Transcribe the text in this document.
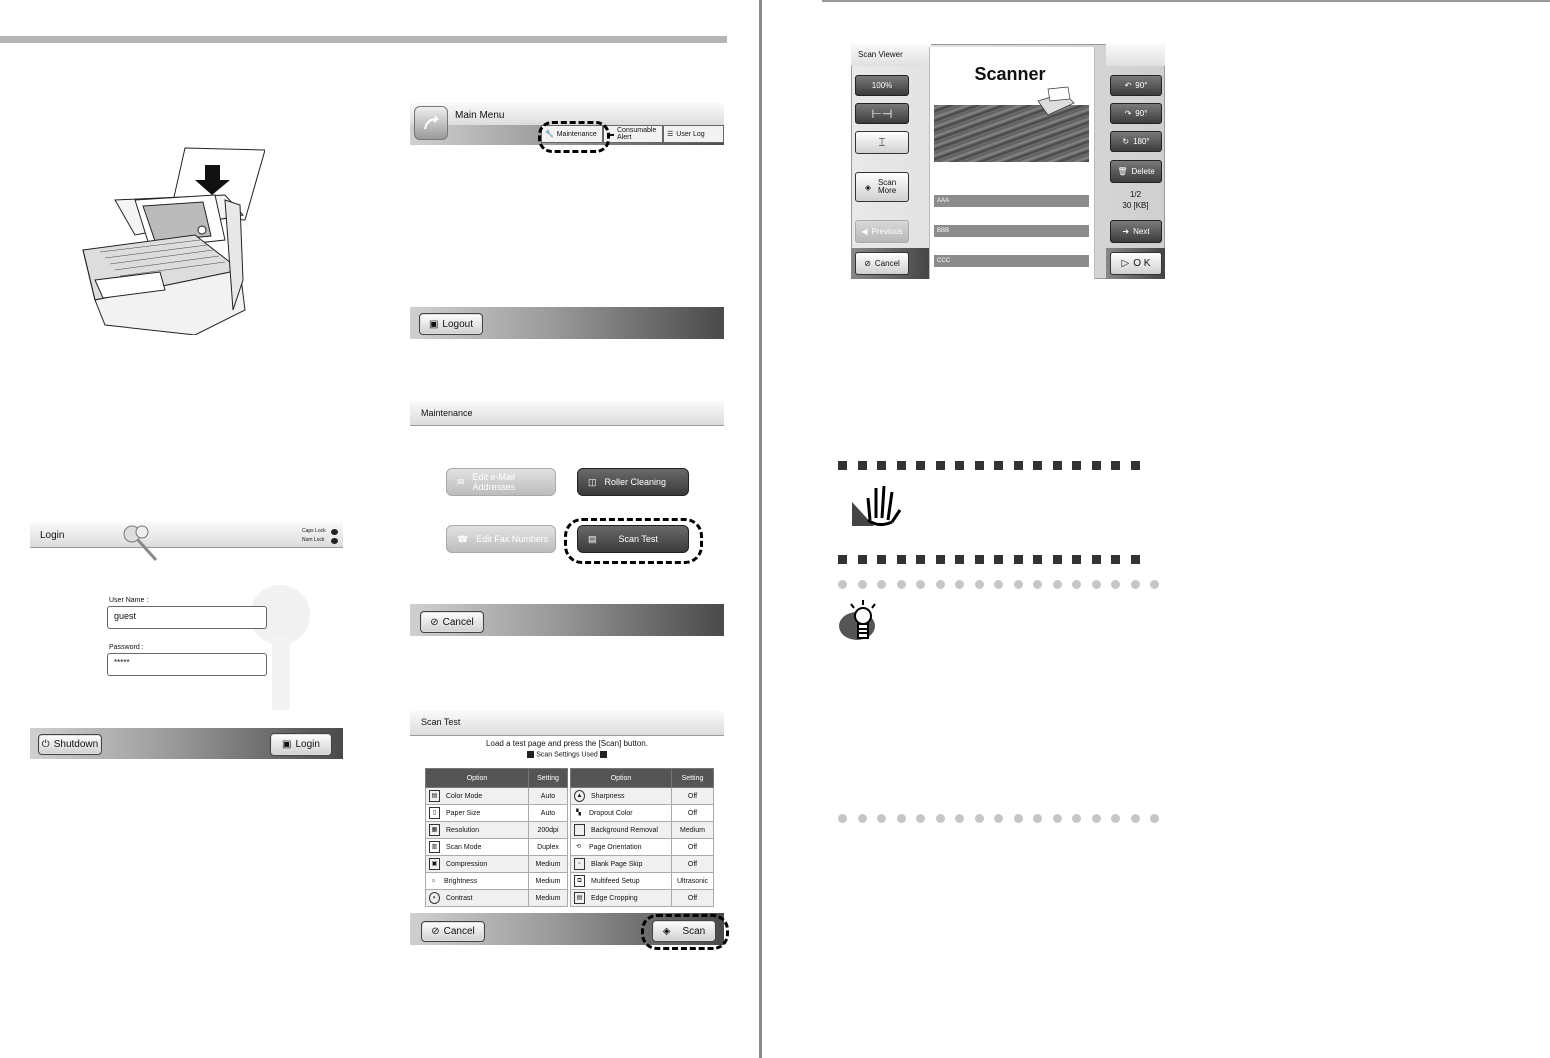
Main Menu
🔧 Maintenance ▬ Consumable Alert	☰ User Log
▣ Logout
Login	Caps Lock
Num Lock
User Name :
guest
Password :
*****
⏻ Shutdown	▣ Login
Maintenance
✉ Edit e-Mail Addresses
◫ Roller Cleaning
☎ Edit Fax Numbers	▤ Scan Test
⊘ Cancel
Scan Test
Load a test page and press the [Scan] button.
Scan Settings Used
Option	Setting
▤ Color Mode	Auto
▯ Paper Size	Auto
▦ Resolution	200dpi
▥ Scan Mode	Duplex
▣ Compression	Medium
☼ Brightness	Medium
◐ Contrast	Medium
Option	Setting
▲ Sharpness	Off
▚ Dropout Color	Off
Background Removal	Medium
⟲ Page Orientation	Off
▫ Blank Page Skip	Off
⧉ Multifeed Setup	Ultrasonic
▤ Edge Cropping	Off
⊘ Cancel	◈ Scan
Scan Viewer
Scanner
AAA
BBB
CCC
100%
⊢⊣
⌶
◈ Scan More
◀ Previous
⊘ Cancel
↶ 90°
↷ 90°
↻ 180°
🗑 Delete
1/2
30 [KB]
➜ Next
▷ O K
